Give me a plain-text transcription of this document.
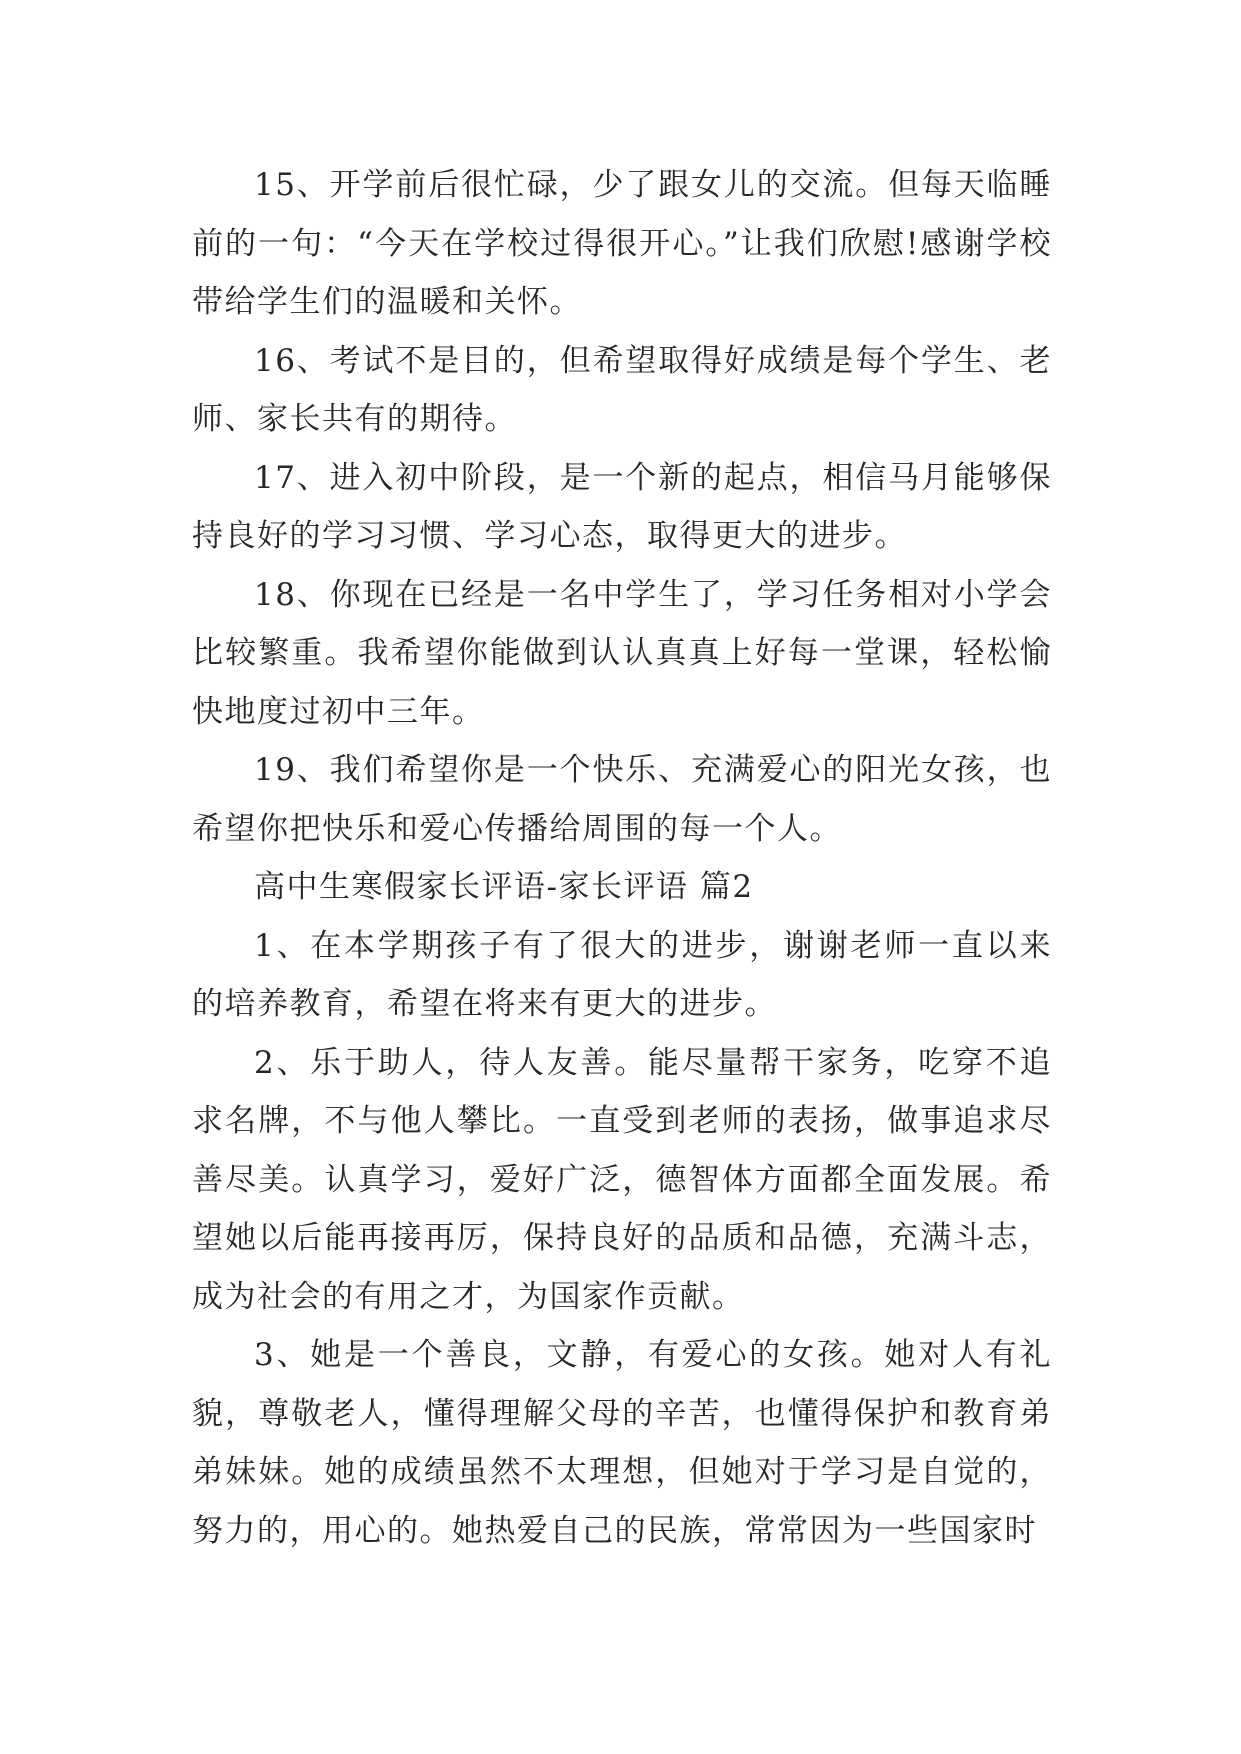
15、开学前后很忙碌，少了跟女儿的交流。但每天临睡前的一句：“今天在学校过得很开心。”让我们欣慰!感谢学校带给学生们的温暖和关怀。

16、考试不是目的，但希望取得好成绩是每个学生、老师、家长共有的期待。

17、进入初中阶段，是一个新的起点，相信马月能够保持良好的学习习惯、学习心态，取得更大的进步。

18、你现在已经是一名中学生了，学习任务相对小学会比较繁重。我希望你能做到认认真真上好每一堂课，轻松愉快地度过初中三年。

19、我们希望你是一个快乐、充满爱心的阳光女孩，也希望你把快乐和爱心传播给周围的每一个人。

高中生寒假家长评语-家长评语 篇2

1、在本学期孩子有了很大的进步，谢谢老师一直以来的培养教育，希望在将来有更大的进步。

2、乐于助人，待人友善。能尽量帮干家务，吃穿不追求名牌，不与他人攀比。一直受到老师的表扬，做事追求尽善尽美。认真学习，爱好广泛，德智体方面都全面发展。希望她以后能再接再厉，保持良好的品质和品德，充满斗志，成为社会的有用之才，为国家作贡献。

3、她是一个善良，文静，有爱心的女孩。她对人有礼貌，尊敬老人，懂得理解父母的辛苦，也懂得保护和教育弟弟妹妹。她的成绩虽然不太理想，但她对于学习是自觉的，努力的，用心的。她热爱自己的民族，常常因为一些国家时
